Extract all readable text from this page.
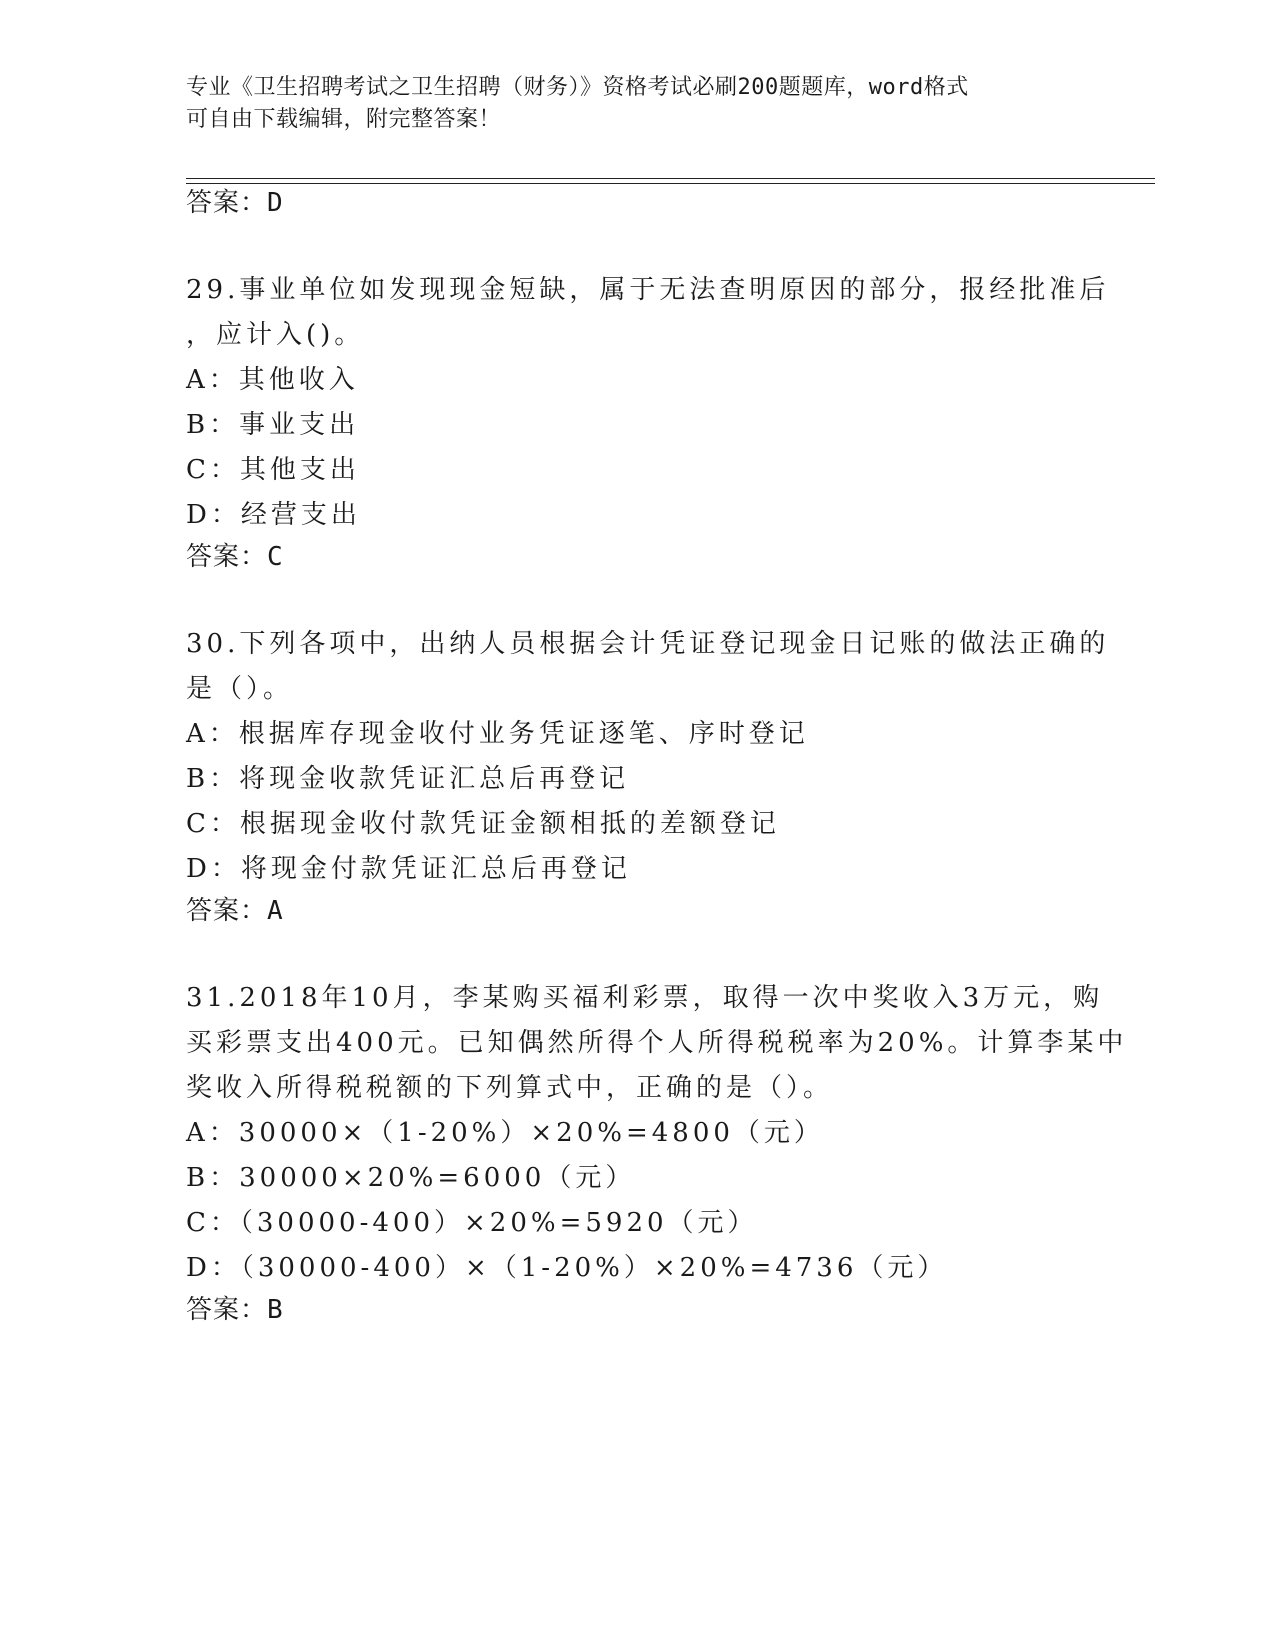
专业《卫生招聘考试之卫生招聘（财务）》资格考试必刷200题题库，word格式
可自由下载编辑，附完整答案！
答案：D
29.事业单位如发现现金短缺，属于无法查明原因的部分，报经批准后
，应计入()。
A：其他收入
B：事业支出
C：其他支出
D：经营支出
答案：C
30.下列各项中，出纳人员根据会计凭证登记现金日记账的做法正确的
是（）。
A：根据库存现金收付业务凭证逐笔、序时登记
B：将现金收款凭证汇总后再登记
C：根据现金收付款凭证金额相抵的差额登记
D：将现金付款凭证汇总后再登记
答案：A
31.2018年10月，李某购买福利彩票，取得一次中奖收入3万元，购
买彩票支出400元。已知偶然所得个人所得税税率为20%。计算李某中
奖收入所得税税额的下列算式中，正确的是（）。
A：30000×（1-20%）×20%=4800（元）
B：30000×20%=6000（元）
C：（30000-400）×20%=5920（元）
D：（30000-400）×（1-20%）×20%=4736（元）
答案：B
